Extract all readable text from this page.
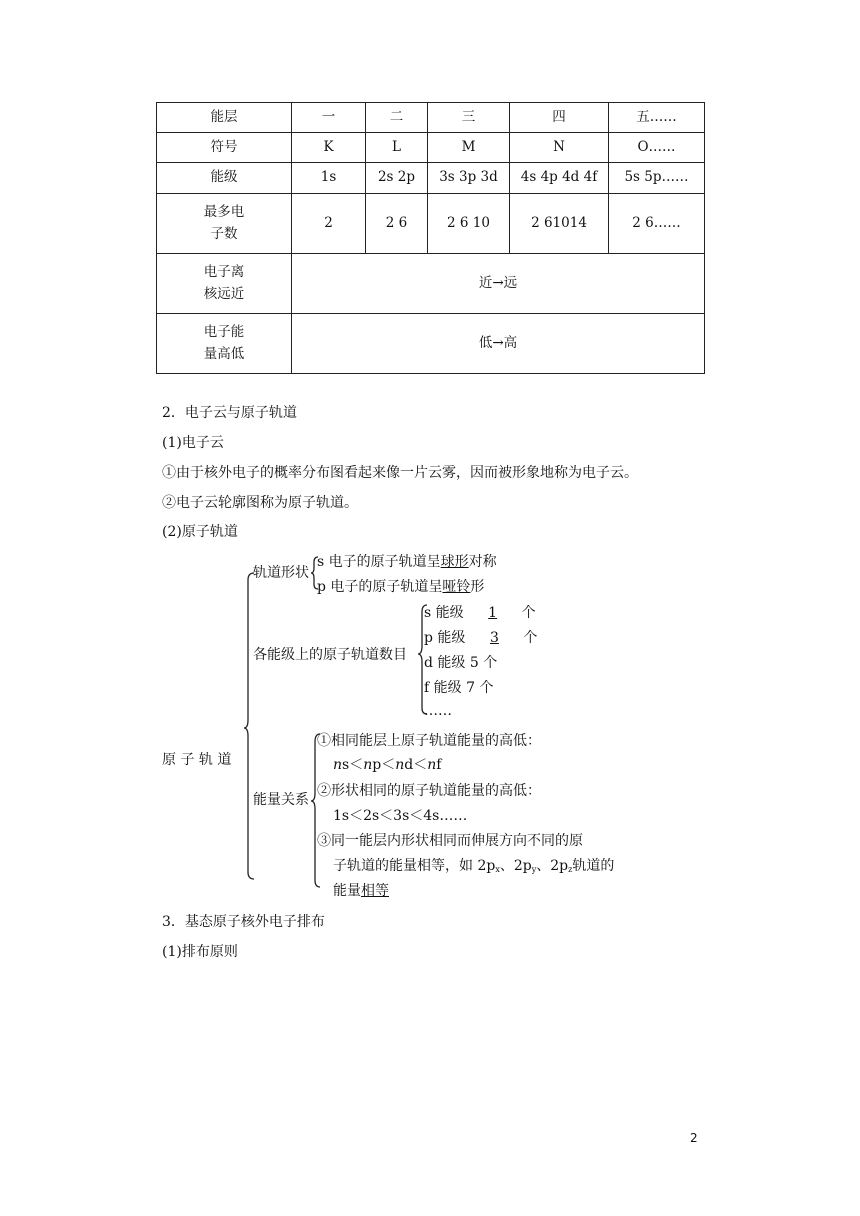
能层	一	二	三	四	五……
符号	K	L	M	N	O……
能级	1s	2s 2p	3s 3p 3d	4s 4p 4d 4f	5s 5p……
最多电子数	2	2 6	2 6 10	2 61014	2 6……
电子离核远近	近→远				
电子能量高低	低→高				
2．电子云与原子轨道
(1)电子云
①由于核外电子的概率分布图看起来像一片云雾，因而被形象地称为电子云。
②电子云轮廓图称为原子轨道。
(2)原子轨道
原 子 轨 道
轨道形状
s 电子的原子轨道呈球形对称
p 电子的原子轨道呈哑铃形
各能级上的原子轨道数目
s 能级 1 个
p 能级 3 个
d 能级 5 个
f 能级 7 个
……
能量关系
①相同能层上原子轨道能量的高低：
ns＜np＜nd＜nf
②形状相同的原子轨道能量的高低：
1s＜2s＜3s＜4s……
③同一能层内形状相同而伸展方向不同的原
子轨道的能量相等，如 $2p_x$、$2p_y$、$2p_z$轨道的
能量相等
3．基态原子核外电子排布
(1)排布原则
2
